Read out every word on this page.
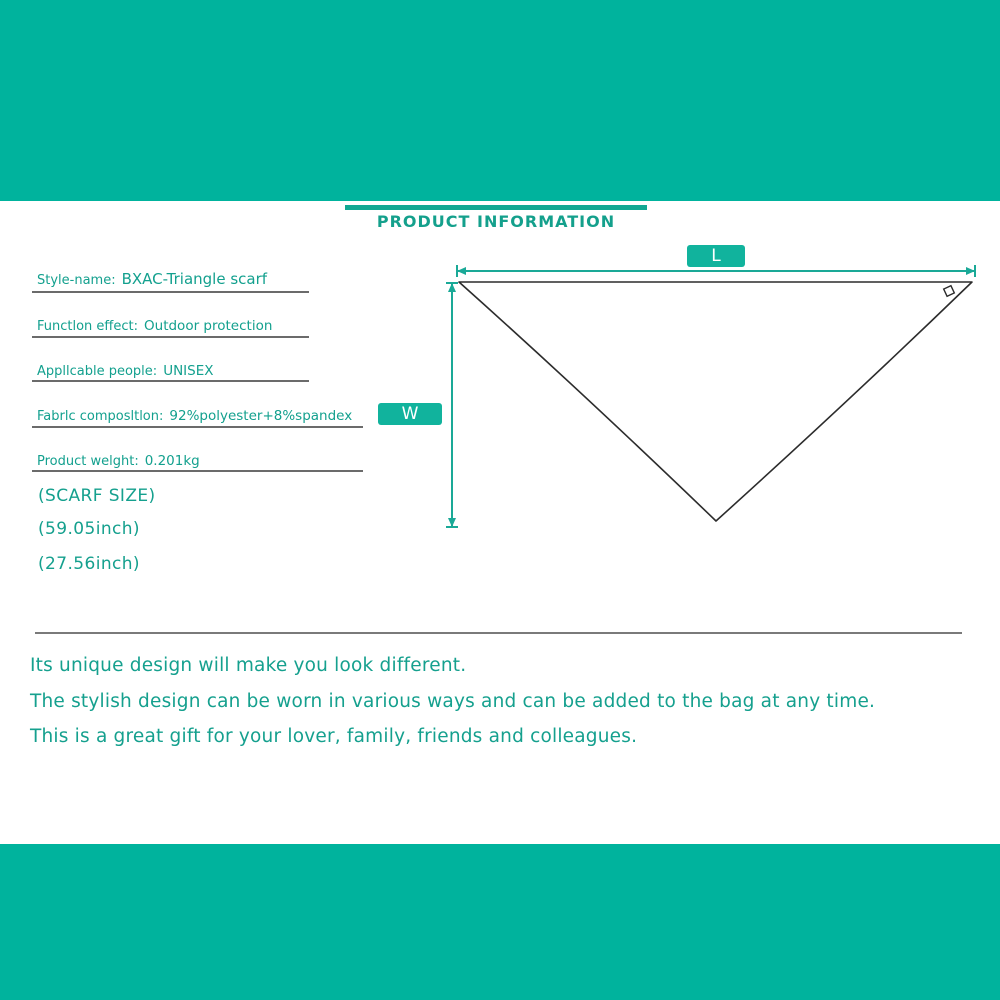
PRODUCT INFORMATION
Style-name: BXAC-Triangle scarf
Functlon effect: Outdoor protection
Appllcable people: UNISEX
Fabrlc composltlon: 92%polyester+8%spandex
Product welght: 0.201kg
(SCARF SIZE)
(59.05inch)
(27.56inch)
L
W
Its unique design will make you look different.
The stylish design can be worn in various ways and can be added to the bag at any time.
This is a great gift for your lover, family, friends and colleagues.
